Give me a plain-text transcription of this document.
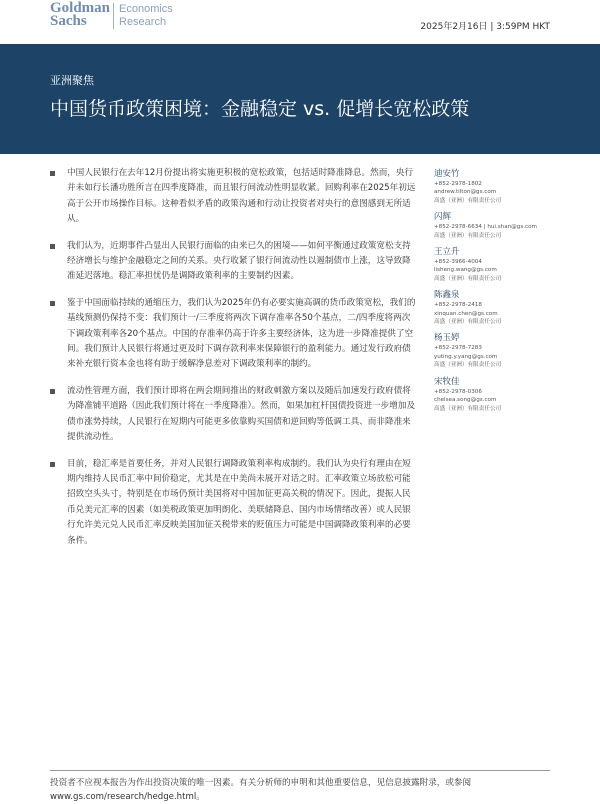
Goldman
Sachs
Economics
Research	2025年2月16日 | 3:59PM HKT
亚洲聚焦
中国货币政策困境：金融稳定 vs. 促增长宽松政策
中国人民银行在去年12月份提出将实施更积极的宽松政策，包括适时降准降息。然而，央行并未如行长潘功胜所言在四季度降准，而且银行间流动性明显收紧。回购利率在2025年初远高于公开市场操作目标。这种看似矛盾的政策沟通和行动让投资者对央行的意图感到无所适从。
我们认为，近期事件凸显出人民银行面临的由来已久的困境——如何平衡通过政策宽松支持经济增长与维护金融稳定之间的关系。央行收紧了银行间流动性以遏制债市上涨，这导致降准延迟落地。稳汇率担忧仍是调降政策利率的主要制约因素。
鉴于中国面临持续的通缩压力，我们认为2025年仍有必要实施高调的货币政策宽松，我们的基线预测仍保持不变：我们预计一/三季度将两次下调存准率各50个基点，二/四季度将两次下调政策利率各20个基点。中国的存准率仍高于许多主要经济体，这为进一步降准提供了空间。我们预计人民银行将通过更及时下调存款利率来保障银行的盈利能力。通过发行政府债来补充银行资本金也将有助于缓解净息差对下调政策利率的制约。
流动性管理方面，我们预计即将在两会期间推出的财政刺激方案以及随后加速发行政府债将为降准铺平道路（因此我们预计将在一季度降准）。然而，如果加杠杆国债投资进一步增加及债市涨势持续，人民银行在短期内可能更多依靠购买国债和逆回购等低调工具、而非降准来提供流动性。
目前，稳汇率是首要任务，并对人民银行调降政策利率构成制约。我们认为央行有理由在短期内维持人民币汇率中间价稳定，尤其是在中美尚未展开对话之时。汇率政策立场放松可能招致空头头寸，特别是在市场仍预计美国将对中国加征更高关税的情况下。因此，提振人民币兑美元汇率的因素（如美税政策更加明朗化、美联储降息、国内市场情绪改善）或人民银行允许美元兑人民币汇率反映美国加征关税带来的贬值压力可能是中国调降政策利率的必要条件。
迪安竹
+852-2978-1802
andrew.tilton@gs.com
高盛（亚洲）有限责任公司
闪辉
+852-2978-6634 | hui.shan@gs.com
高盛（亚洲）有限责任公司
王立升
+852-3966-4004
lisheng.wang@gs.com
高盛（亚洲）有限责任公司
陈鑫泉
+852-2978-2418
xinquan.chen@gs.com
高盛（亚洲）有限责任公司
杨玉婷
+852-2978-7283
yuting.y.yang@gs.com
高盛（亚洲）有限责任公司
宋牧佳
+852-2978-0306
chelsea.song@gs.com
高盛（亚洲）有限责任公司
投资者不应视本报告为作出投资决策的唯一因素。有关分析师的申明和其他重要信息，见信息披露附录，或参阅
www.gs.com/research/hedge.html。
